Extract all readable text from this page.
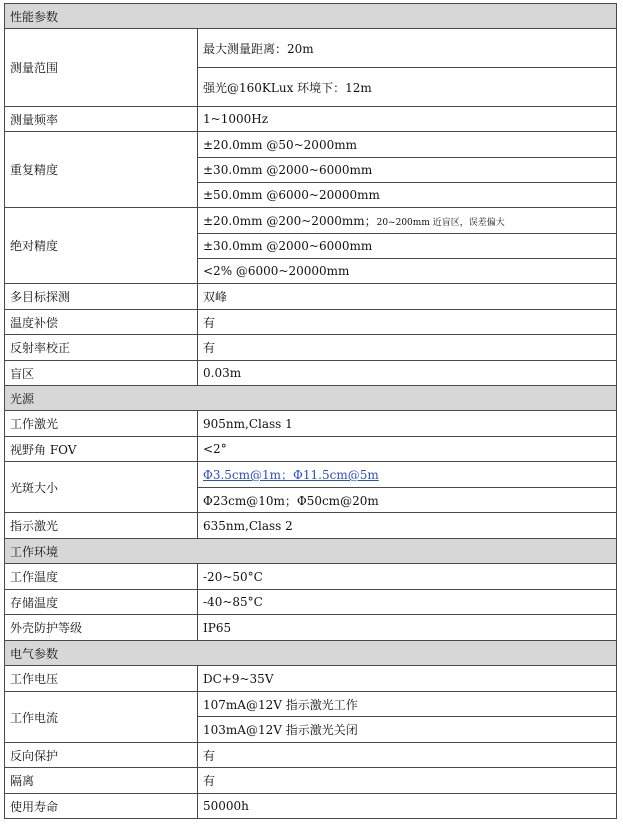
性能参数	
测量范围	最大测量距离：20m
	强光@160KLux 环境下：12m
测量频率	1~1000Hz
重复精度	±20.0mm @50~2000mm
	±30.0mm @2000~6000mm
	±50.0mm @6000~20000mm
绝对精度	±20.0mm @200~2000mm；20~200mm 近盲区，误差偏大
	±30.0mm @2000~6000mm
	<2% @6000~20000mm
多目标探测	双峰
温度补偿	有
反射率校正	有
盲区	0.03m
光源	
工作激光	905nm,Class 1
视野角 FOV	<2°
光斑大小	Φ3.5cm@1m；Φ11.5cm@5m
	Φ23cm@10m；Φ50cm@20m
指示激光	635nm,Class 2
工作环境	
工作温度	-20~50°C
存储温度	-40~85°C
外壳防护等级	IP65
电气参数	
工作电压	DC+9~35V
工作电流	107mA@12V 指示激光工作
	103mA@12V 指示激光关闭
反向保护	有
隔离	有
使用寿命	50000h
